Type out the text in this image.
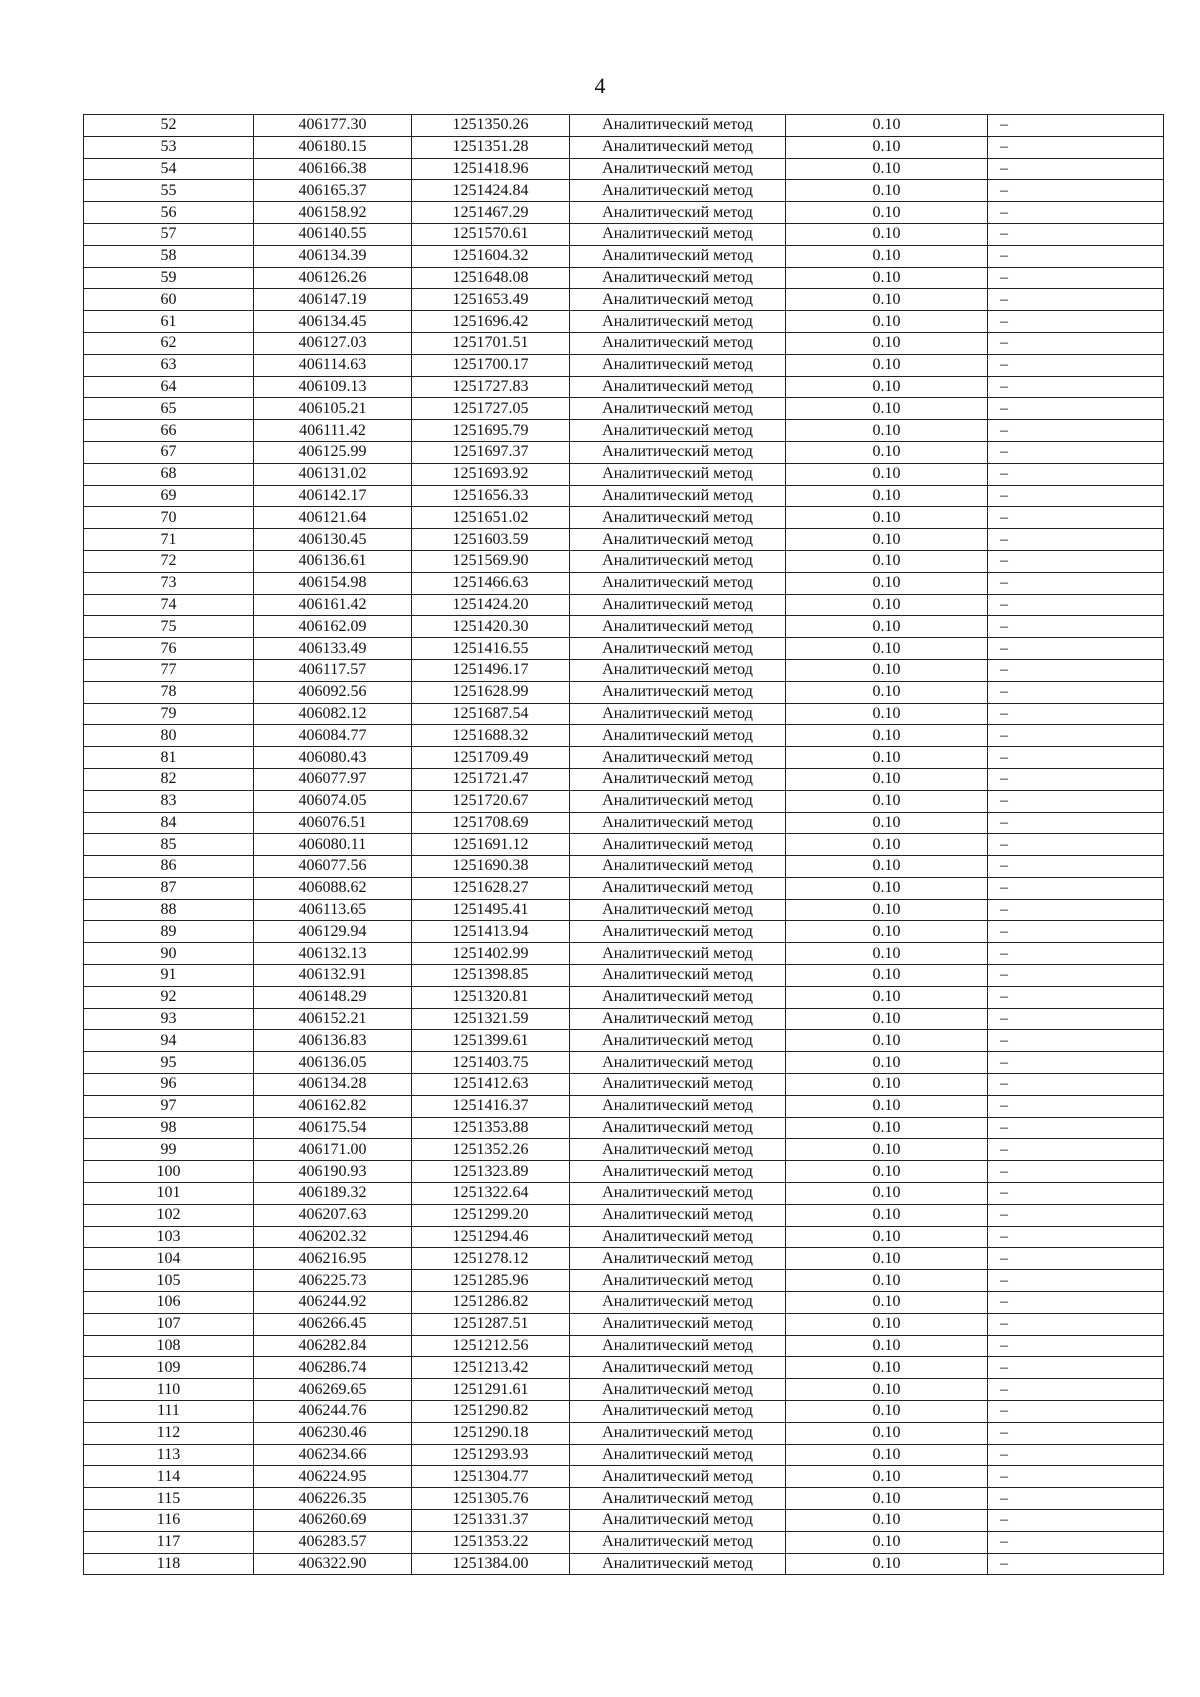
4
52	406177.30	1251350.26	Аналитический метод	0.10	–
53	406180.15	1251351.28	Аналитический метод	0.10	–
54	406166.38	1251418.96	Аналитический метод	0.10	–
55	406165.37	1251424.84	Аналитический метод	0.10	–
56	406158.92	1251467.29	Аналитический метод	0.10	–
57	406140.55	1251570.61	Аналитический метод	0.10	–
58	406134.39	1251604.32	Аналитический метод	0.10	–
59	406126.26	1251648.08	Аналитический метод	0.10	–
60	406147.19	1251653.49	Аналитический метод	0.10	–
61	406134.45	1251696.42	Аналитический метод	0.10	–
62	406127.03	1251701.51	Аналитический метод	0.10	–
63	406114.63	1251700.17	Аналитический метод	0.10	–
64	406109.13	1251727.83	Аналитический метод	0.10	–
65	406105.21	1251727.05	Аналитический метод	0.10	–
66	406111.42	1251695.79	Аналитический метод	0.10	–
67	406125.99	1251697.37	Аналитический метод	0.10	–
68	406131.02	1251693.92	Аналитический метод	0.10	–
69	406142.17	1251656.33	Аналитический метод	0.10	–
70	406121.64	1251651.02	Аналитический метод	0.10	–
71	406130.45	1251603.59	Аналитический метод	0.10	–
72	406136.61	1251569.90	Аналитический метод	0.10	–
73	406154.98	1251466.63	Аналитический метод	0.10	–
74	406161.42	1251424.20	Аналитический метод	0.10	–
75	406162.09	1251420.30	Аналитический метод	0.10	–
76	406133.49	1251416.55	Аналитический метод	0.10	–
77	406117.57	1251496.17	Аналитический метод	0.10	–
78	406092.56	1251628.99	Аналитический метод	0.10	–
79	406082.12	1251687.54	Аналитический метод	0.10	–
80	406084.77	1251688.32	Аналитический метод	0.10	–
81	406080.43	1251709.49	Аналитический метод	0.10	–
82	406077.97	1251721.47	Аналитический метод	0.10	–
83	406074.05	1251720.67	Аналитический метод	0.10	–
84	406076.51	1251708.69	Аналитический метод	0.10	–
85	406080.11	1251691.12	Аналитический метод	0.10	–
86	406077.56	1251690.38	Аналитический метод	0.10	–
87	406088.62	1251628.27	Аналитический метод	0.10	–
88	406113.65	1251495.41	Аналитический метод	0.10	–
89	406129.94	1251413.94	Аналитический метод	0.10	–
90	406132.13	1251402.99	Аналитический метод	0.10	–
91	406132.91	1251398.85	Аналитический метод	0.10	–
92	406148.29	1251320.81	Аналитический метод	0.10	–
93	406152.21	1251321.59	Аналитический метод	0.10	–
94	406136.83	1251399.61	Аналитический метод	0.10	–
95	406136.05	1251403.75	Аналитический метод	0.10	–
96	406134.28	1251412.63	Аналитический метод	0.10	–
97	406162.82	1251416.37	Аналитический метод	0.10	–
98	406175.54	1251353.88	Аналитический метод	0.10	–
99	406171.00	1251352.26	Аналитический метод	0.10	–
100	406190.93	1251323.89	Аналитический метод	0.10	–
101	406189.32	1251322.64	Аналитический метод	0.10	–
102	406207.63	1251299.20	Аналитический метод	0.10	–
103	406202.32	1251294.46	Аналитический метод	0.10	–
104	406216.95	1251278.12	Аналитический метод	0.10	–
105	406225.73	1251285.96	Аналитический метод	0.10	–
106	406244.92	1251286.82	Аналитический метод	0.10	–
107	406266.45	1251287.51	Аналитический метод	0.10	–
108	406282.84	1251212.56	Аналитический метод	0.10	–
109	406286.74	1251213.42	Аналитический метод	0.10	–
110	406269.65	1251291.61	Аналитический метод	0.10	–
111	406244.76	1251290.82	Аналитический метод	0.10	–
112	406230.46	1251290.18	Аналитический метод	0.10	–
113	406234.66	1251293.93	Аналитический метод	0.10	–
114	406224.95	1251304.77	Аналитический метод	0.10	–
115	406226.35	1251305.76	Аналитический метод	0.10	–
116	406260.69	1251331.37	Аналитический метод	0.10	–
117	406283.57	1251353.22	Аналитический метод	0.10	–
118	406322.90	1251384.00	Аналитический метод	0.10	–
